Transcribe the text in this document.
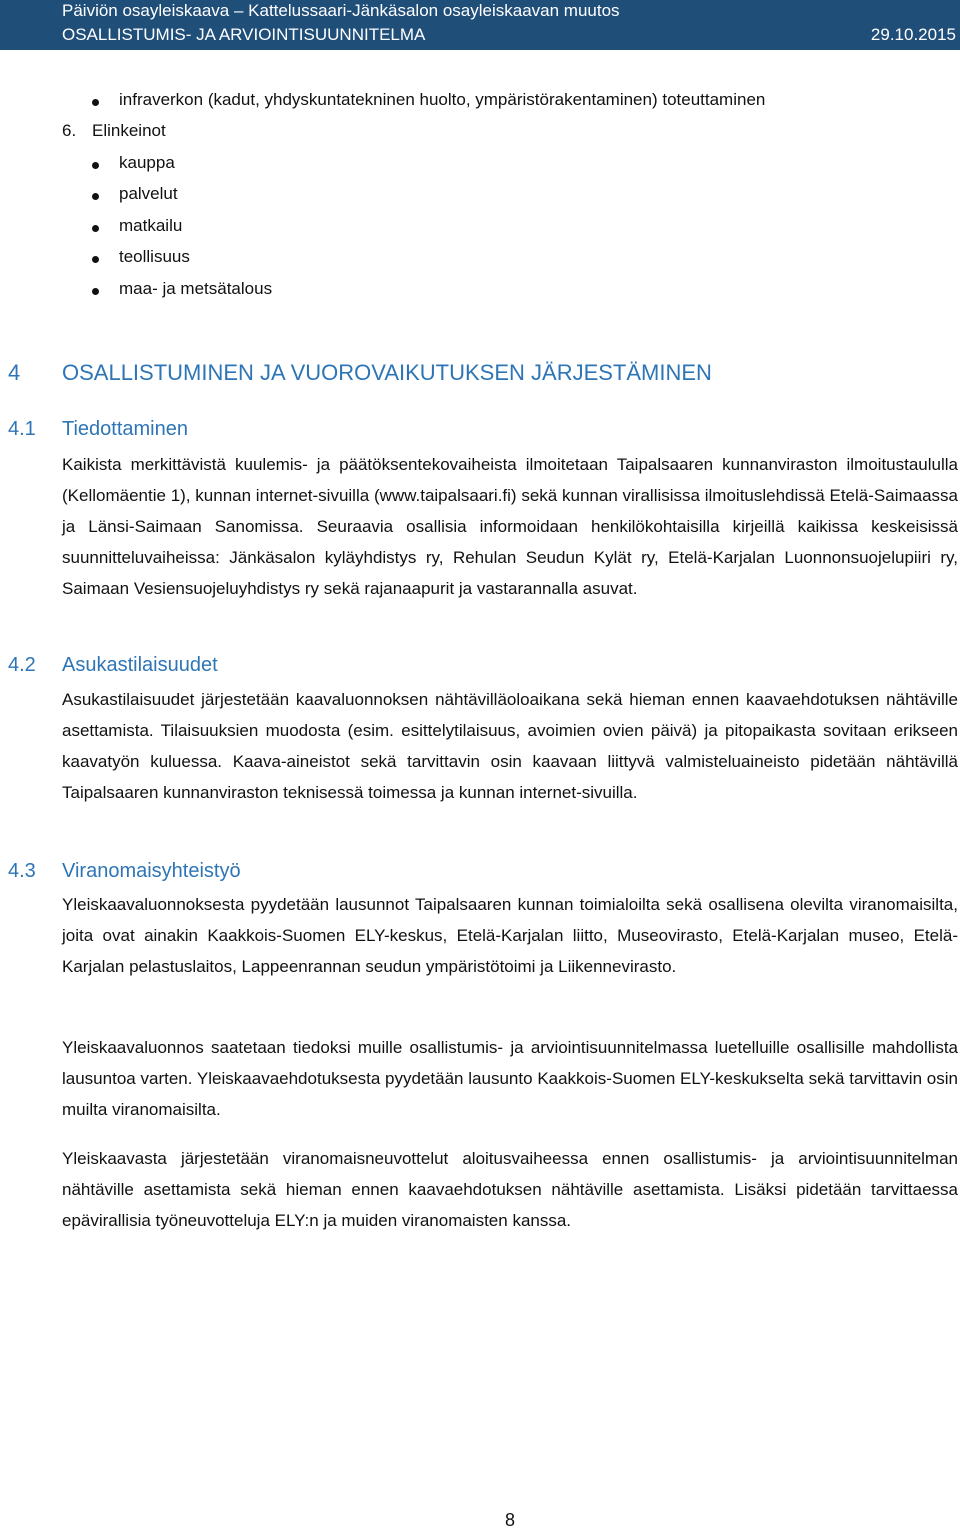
Päiviön osayleiskaava – Kattelussaari-Jänkäsalon osayleiskaavan muutos
OSALLISTUMIS- JA ARVIOINTISUUNNITELMA	29.10.2015
infraverkon (kadut, yhdyskuntatekninen huolto, ympäristörakentaminen) toteuttaminen
6. Elinkeinot
kauppa
palvelut
matkailu
teollisuus
maa- ja metsätalous
4 OSALLISTUMINEN JA VUOROVAIKUTUKSEN JÄRJESTÄMINEN
4.1 Tiedottaminen
Kaikista merkittävistä kuulemis- ja päätöksentekovaiheista ilmoitetaan Taipalsaaren kunnanviraston ilmoitustaululla (Kellomäentie 1), kunnan internet-sivuilla (www.taipalsaari.fi) sekä kunnan virallisissa ilmoituslehdissä Etelä-Saimaassa ja Länsi-Saimaan Sanomissa. Seuraavia osallisia informoidaan henkilökohtaisilla kirjeillä kaikissa keskeisissä suunnitteluvaiheissa: Jänkäsalon kyläyhdistys ry, Rehulan Seudun Kylät ry, Etelä-Karjalan Luonnonsuojelupiiri ry, Saimaan Vesiensuojeluyhdistys ry sekä rajanaapurit ja vastarannalla asuvat.
4.2 Asukastilaisuudet
Asukastilaisuudet järjestetään kaavaluonnoksen nähtävilläoloaikana sekä hieman ennen kaavaehdotuksen nähtäville asettamista. Tilaisuuksien muodosta (esim. esittelytilaisuus, avoimien ovien päivä) ja pitopaikasta sovitaan erikseen kaavatyön kuluessa. Kaava-aineistot sekä tarvittavin osin kaavaan liittyvä valmisteluaineisto pidetään nähtävillä Taipalsaaren kunnanviraston teknisessä toimessa ja kunnan internet-sivuilla.
4.3 Viranomaisyhteistyö
Yleiskaavaluonnoksesta pyydetään lausunnot Taipalsaaren kunnan toimialoilta sekä osallisena olevilta viranomaisilta, joita ovat ainakin Kaakkois-Suomen ELY-keskus, Etelä-Karjalan liitto, Museovirasto, Etelä-Karjalan museo, Etelä-Karjalan pelastuslaitos, Lappeenrannan seudun ympäristötoimi ja Liikennevirasto.
Yleiskaavaluonnos saatetaan tiedoksi muille osallistumis- ja arviointisuunnitelmassa luetelluille osallisille mahdollista lausuntoa varten. Yleiskaavaehdotuksesta pyydetään lausunto Kaakkois-Suomen ELY-keskukselta sekä tarvittavin osin muilta viranomaisilta.
Yleiskaavasta järjestetään viranomaisneuvottelut aloitusvaiheessa ennen osallistumis- ja arviointisuunnitelman nähtäville asettamista sekä hieman ennen kaavaehdotuksen nähtäville asettamista. Lisäksi pidetään tarvittaessa epävirallisia työneuvotteluja ELY:n ja muiden viranomaisten kanssa.
8
